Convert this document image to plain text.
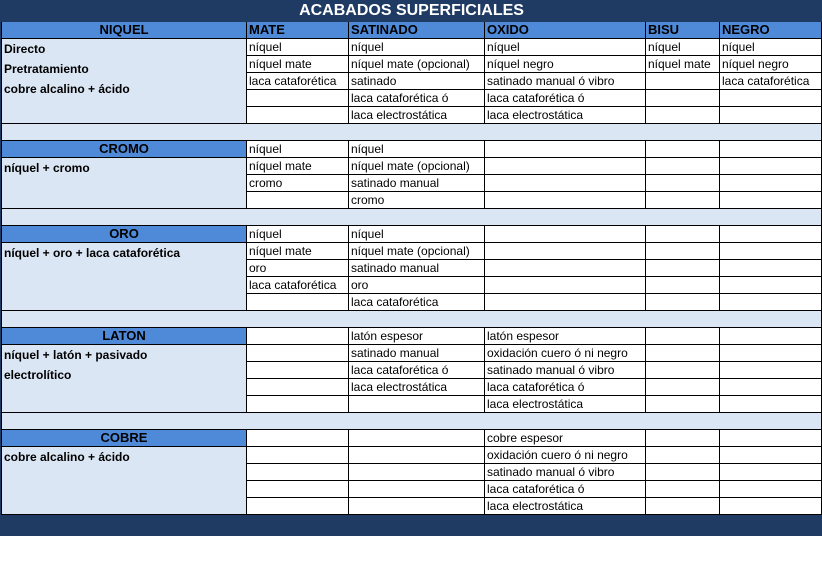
ACABADOS SUPERFICIALES					
NIQUEL	MATE	SATINADO	OXIDO	BISU	NEGRO

Directo
Pretratamiento
cobre alcalino + ácido	níquel	níquel	níquel	níquel	níquel
	níquel mate	níquel mate (opcional)	níquel negro	níquel mate	níquel negro
	laca cataforética	satinado	satinado manual ó vibro		laca cataforética
		laca cataforética ó	laca cataforética ó		
		laca electrostática	laca electrostática		

CROMO	níquel	níquel			

níquel + cromo	níquel mate	níquel mate (opcional)			
	cromo	satinado manual			
		cromo			

ORO	níquel	níquel			

níquel + oro + laca cataforética	níquel mate	níquel mate (opcional)			
	oro	satinado manual			
	laca cataforética	oro			
		laca cataforética			

LATON		latón espesor	latón espesor		

níquel + latón + pasivado
electrolítico		satinado manual	oxidación cuero ó ni negro		
		laca cataforética ó	satinado manual ó vibro		
		laca electrostática	laca cataforética ó		
			laca electrostática		

COBRE			cobre espesor		

cobre alcalino + ácido			oxidación cuero ó ni negro		
			satinado manual ó vibro		
			laca cataforética ó		
			laca electrostática		
